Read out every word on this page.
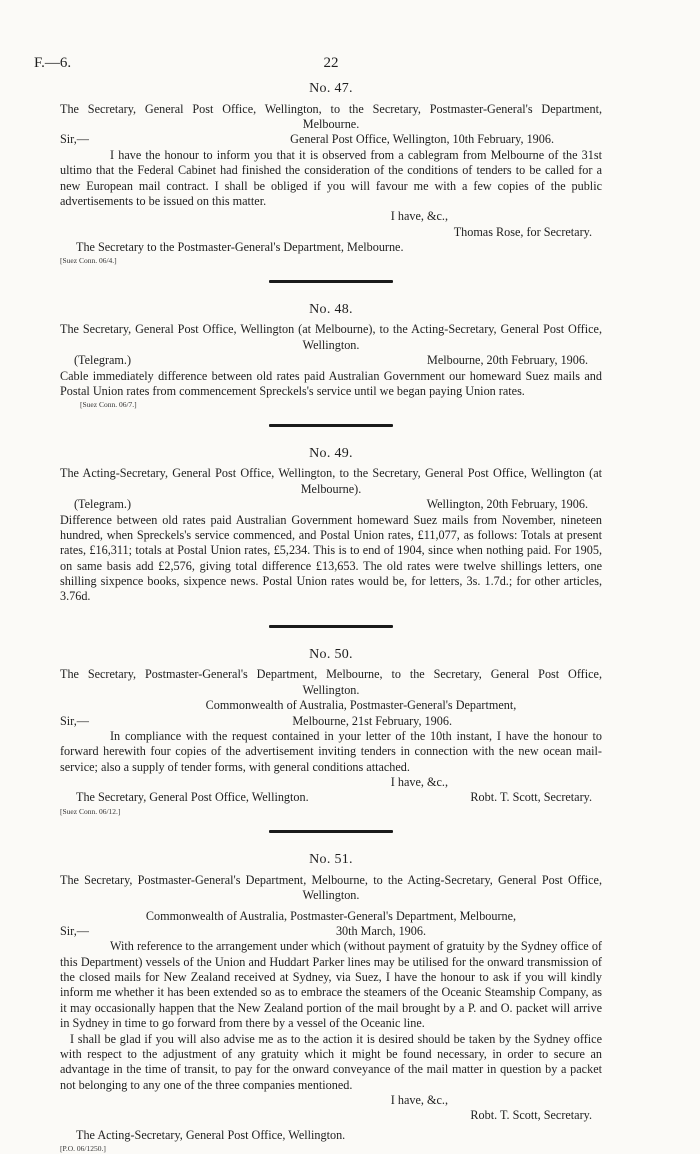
F.—6.	22
No. 47.

The Secretary, General Post Office, Wellington, to the Secretary, Postmaster-General's Department, Melbourne.

Sir,—	General Post Office, Wellington, 10th February, 1906.

I have the honour to inform you that it is observed from a cablegram from Melbourne of the 31st ultimo that the Federal Cabinet had finished the consideration of the conditions of tenders to be called for a new European mail contract. I shall be obliged if you will favour me with a few copies of the public advertisements to be issued on this matter.

I have, &c.,

Thomas Rose, for Secretary.

The Secretary to the Postmaster-General's Department, Melbourne.

[Suez Conn. 06/4.]

No. 48.

The Secretary, General Post Office, Wellington (at Melbourne), to the Acting-Secretary, General Post Office, Wellington.

(Telegram.)	Melbourne, 20th February, 1906.

Cable immediately difference between old rates paid Australian Government our homeward Suez mails and Postal Union rates from commencement Spreckels's service until we began paying Union rates.

[Suez Conn. 06/7.]

No. 49.

The Acting-Secretary, General Post Office, Wellington, to the Secretary, General Post Office, Wellington (at Melbourne).

(Telegram.)	Wellington, 20th February, 1906.

Difference between old rates paid Australian Government homeward Suez mails from November, nineteen hundred, when Spreckels's service commenced, and Postal Union rates, £11,077, as follows: Totals at present rates, £16,311; totals at Postal Union rates, £5,234. This is to end of 1904, since when nothing paid. For 1905, on same basis add £2,576, giving total difference £13,653. The old rates were twelve shillings letters, one shilling sixpence books, sixpence news. Postal Union rates would be, for letters, 3s. 1.7d.; for other articles, 3.76d.

No. 50.

The Secretary, Postmaster-General's Department, Melbourne, to the Secretary, General Post Office, Wellington.

Commonwealth of Australia, Postmaster-General's Department,

Sir,—	Melbourne, 21st February, 1906.

In compliance with the request contained in your letter of the 10th instant, I have the honour to forward herewith four copies of the advertisement inviting tenders in connection with the new ocean mail-service; also a supply of tender forms, with general conditions attached.

I have, &c.,

The Secretary, General Post Office, Wellington.	Robt. T. Scott, Secretary.

[Suez Conn. 06/12.]

No. 51.

The Secretary, Postmaster-General's Department, Melbourne, to the Acting-Secretary, General Post Office, Wellington.

Commonwealth of Australia, Postmaster-General's Department, Melbourne,

Sir,—	30th March, 1906.

With reference to the arrangement under which (without payment of gratuity by the Sydney office of this Department) vessels of the Union and Huddart Parker lines may be utilised for the onward transmission of the closed mails for New Zealand received at Sydney, via Suez, I have the honour to ask if you will kindly inform me whether it has been extended so as to embrace the steamers of the Oceanic Steamship Company, as it may occasionally happen that the New Zealand portion of the mail brought by a P. and O. packet will arrive in Sydney in time to go forward from there by a vessel of the Oceanic line.

I shall be glad if you will also advise me as to the action it is desired should be taken by the Sydney office with respect to the adjustment of any gratuity which it might be found necessary, in order to secure an advantage in the time of transit, to pay for the onward conveyance of the mail matter in question by a packet not belonging to any one of the three companies mentioned.

I have, &c.,

Robt. T. Scott, Secretary.

The Acting-Secretary, General Post Office, Wellington.

[P.O. 06/1250.]
